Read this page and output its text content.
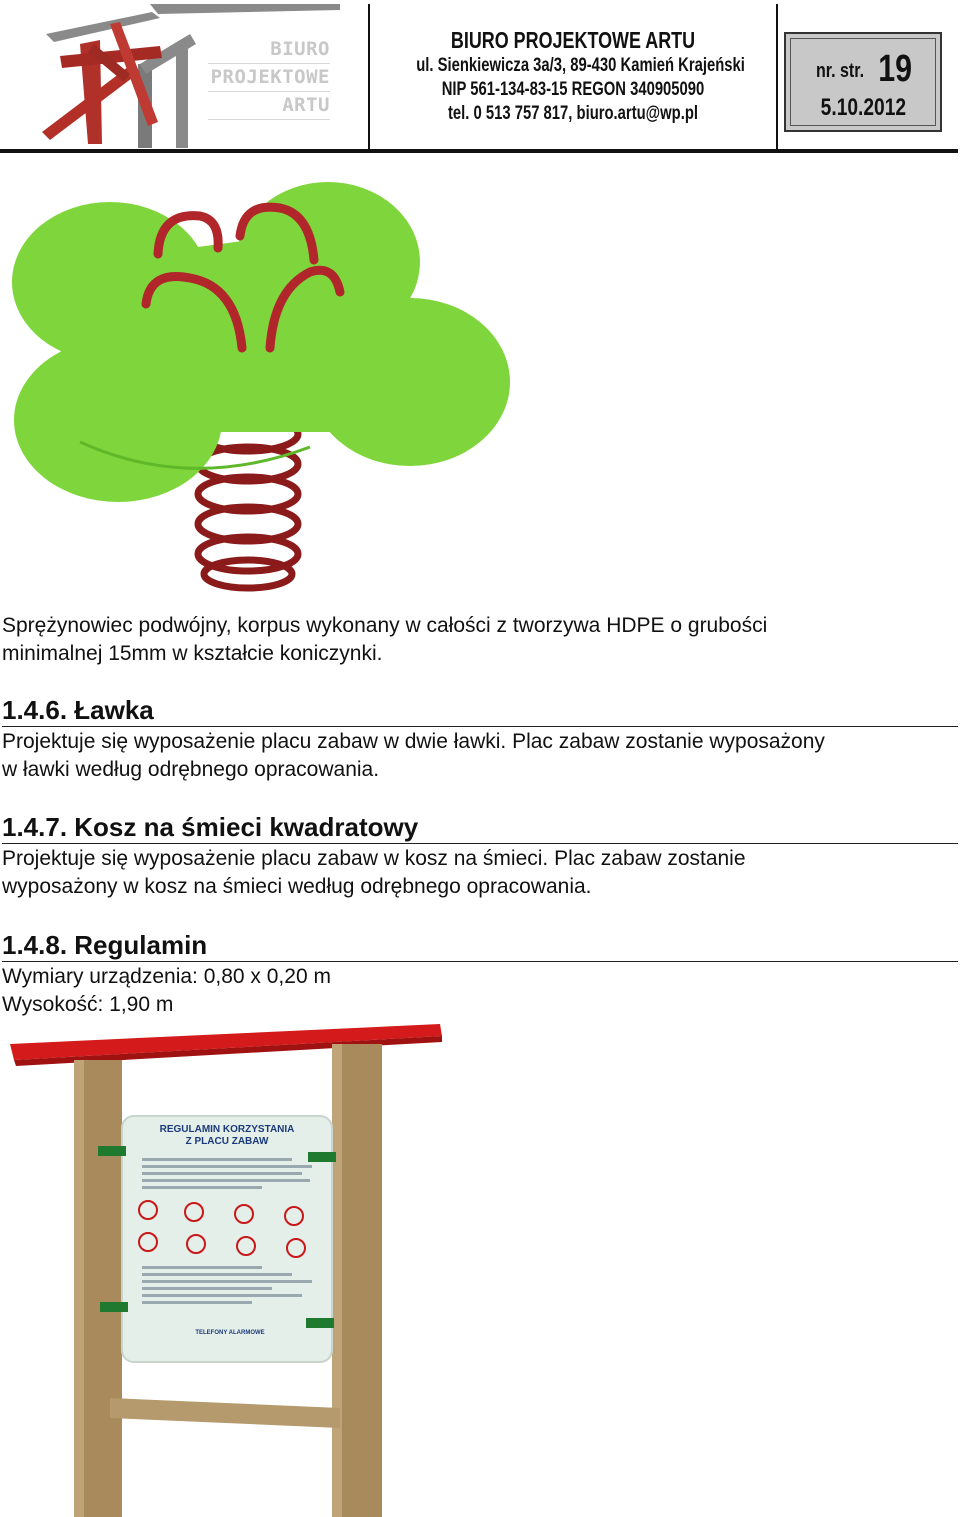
BIURO
PROJEKTOWE
ARTU
BIURO PROJEKTOWE ARTU
ul. Sienkiewicza 3a/3, 89-430 Kamień Krajeński
NIP 561-134-83-15 REGON 340905090
tel. 0 513 757 817, biuro.artu@wp.pl
nr. str. 19
5.10.2012
Sprężynowiec podwójny, korpus wykonany w całości z tworzywa HDPE o grubości
minimalnej 15mm w kształcie koniczynki.
1.4.6. Ławka
Projektuje się wyposażenie placu zabaw w dwie ławki. Plac zabaw zostanie wyposażony
w ławki według odrębnego opracowania.
1.4.7. Kosz na śmieci kwadratowy
Projektuje się wyposażenie placu zabaw w kosz na śmieci. Plac zabaw zostanie
wyposażony w kosz na śmieci według odrębnego opracowania.
1.4.8. Regulamin
Wymiary urządzenia: 0,80 x 0,20 m
Wysokość: 1,90 m
REGULAMIN KORZYSTANIA
Z PLACU ZABAW
TELEFONY ALARMOWE
